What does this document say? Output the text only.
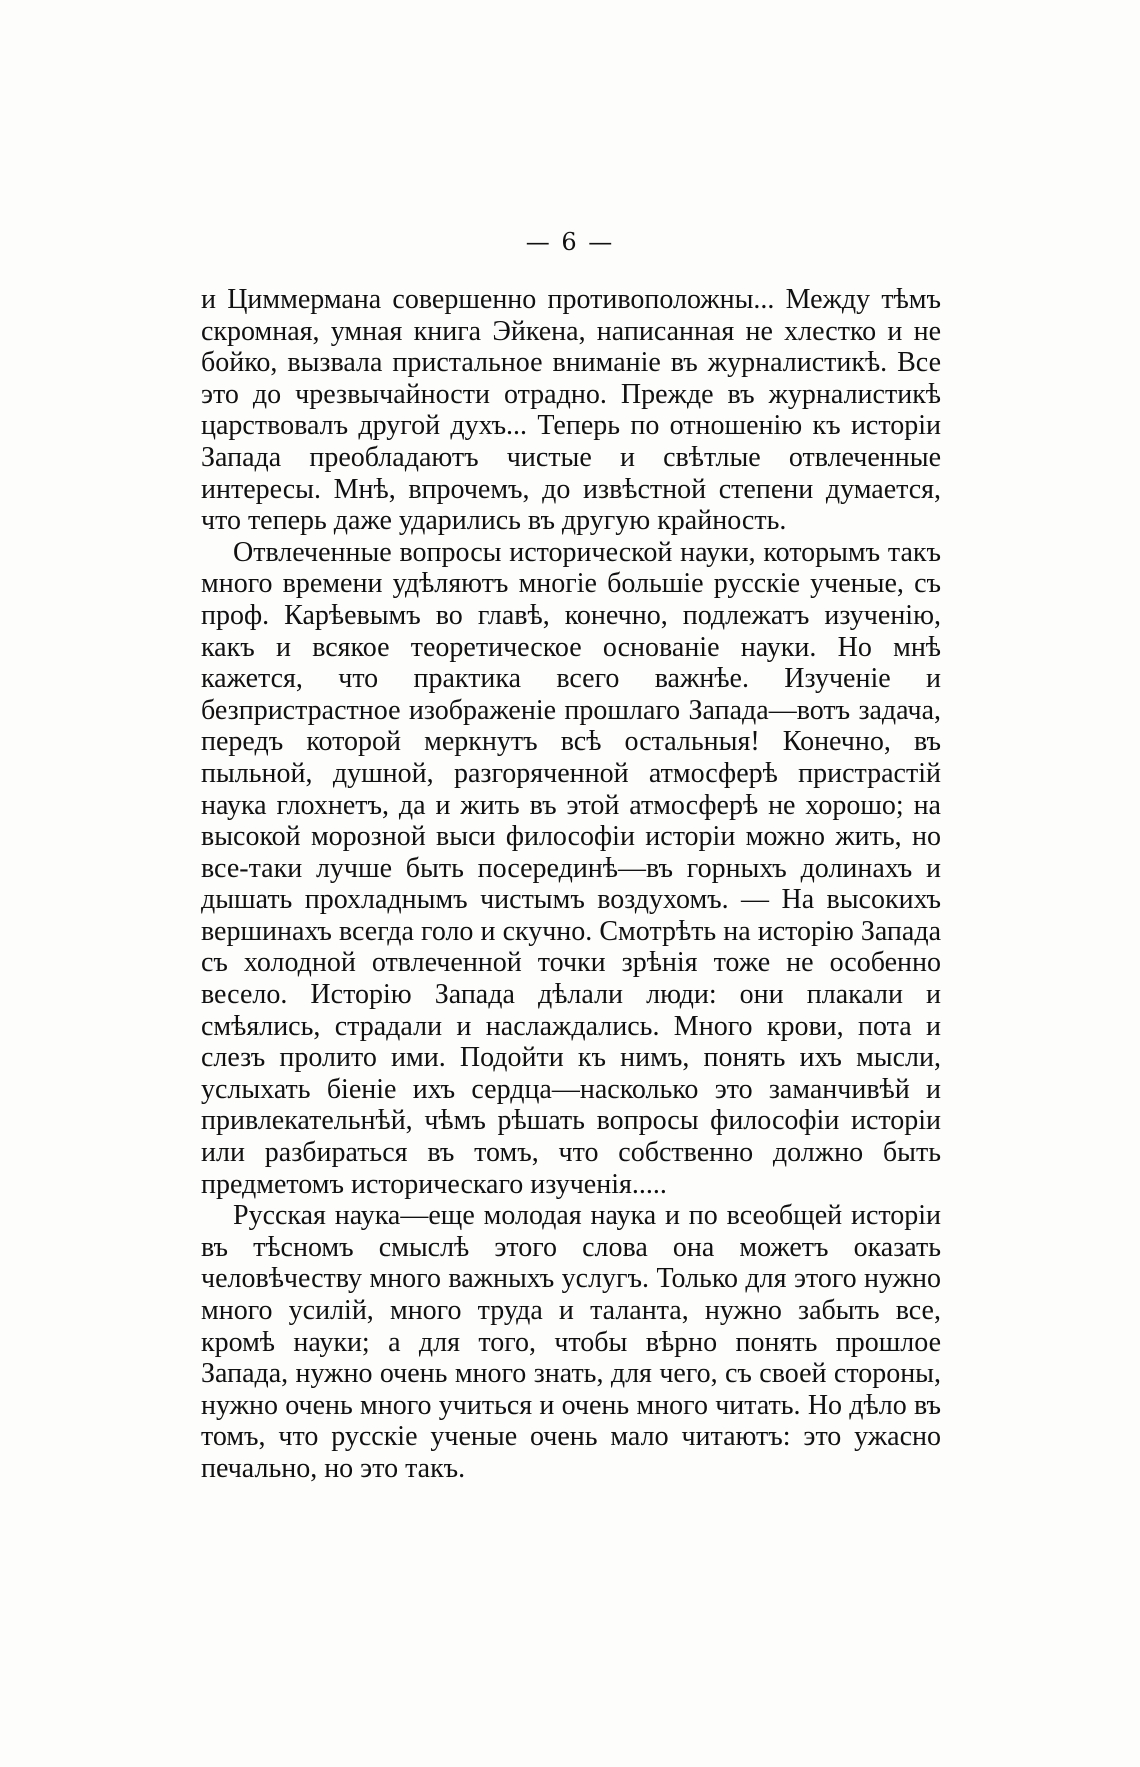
— 6 —

и Циммермана совершенно противоположны... Между тѣмъ скромная, умная книга Эйкена, написанная не хлестко и не бойко, вызвала пристальное вниманіе въ журналистикѣ. Все это до чрезвычайности отрадно. Прежде въ журналистикѣ царствовалъ другой духъ... Теперь по отношенію къ исторіи Запада преобладаютъ чистые и свѣтлые отвлеченные интересы. Мнѣ, впрочемъ, до извѣстной степени думается, что теперь даже ударились въ другую крайность.

Отвлеченные вопросы исторической науки, которымъ такъ много времени удѣляютъ многіе большіе русскіе ученые, съ проф. Карѣевымъ во главѣ, конечно, подлежатъ изученію, какъ и всякое теоретическое основаніе науки. Но мнѣ кажется, что практика всего важнѣе. Изученіе и безпристрастное изображеніе прошлаго Запада—вотъ задача, передъ которой меркнутъ всѣ остальныя! Конечно, въ пыльной, душной, разгоряченной атмосферѣ пристрастій наука глохнетъ, да и жить въ этой атмосферѣ не хорошо; на высокой морозной выси философіи исторіи можно жить, но все-таки лучше быть посерединѣ—въ горныхъ долинахъ и дышать прохладнымъ чистымъ воздухомъ. — На высокихъ вершинахъ всегда голо и скучно. Смотрѣть на исторію Запада съ холодной отвлеченной точки зрѣнія тоже не особенно весело. Исторію Запада дѣлали люди: они плакали и смѣялись, страдали и наслаждались. Много крови, пота и слезъ пролито ими. Подойти къ нимъ, понять ихъ мысли, услыхать біеніе ихъ сердца—насколько это заманчивѣй и привлекательнѣй, чѣмъ рѣшать вопросы философіи исторіи или разбираться въ томъ, что собственно должно быть предметомъ историческаго изученія.....

Русская наука—еще молодая наука и по всеобщей исторіи въ тѣсномъ смыслѣ этого слова она можетъ оказать человѣчеству много важныхъ услугъ. Только для этого нужно много усилій, много труда и таланта, нужно забыть все, кромѣ науки; а для того, чтобы вѣрно понять прошлое Запада, нужно очень много знать, для чего, съ своей стороны, нужно очень много учиться и очень много читать. Но дѣло въ томъ, что русскіе ученые очень мало читаютъ: это ужасно печально, но это такъ.
